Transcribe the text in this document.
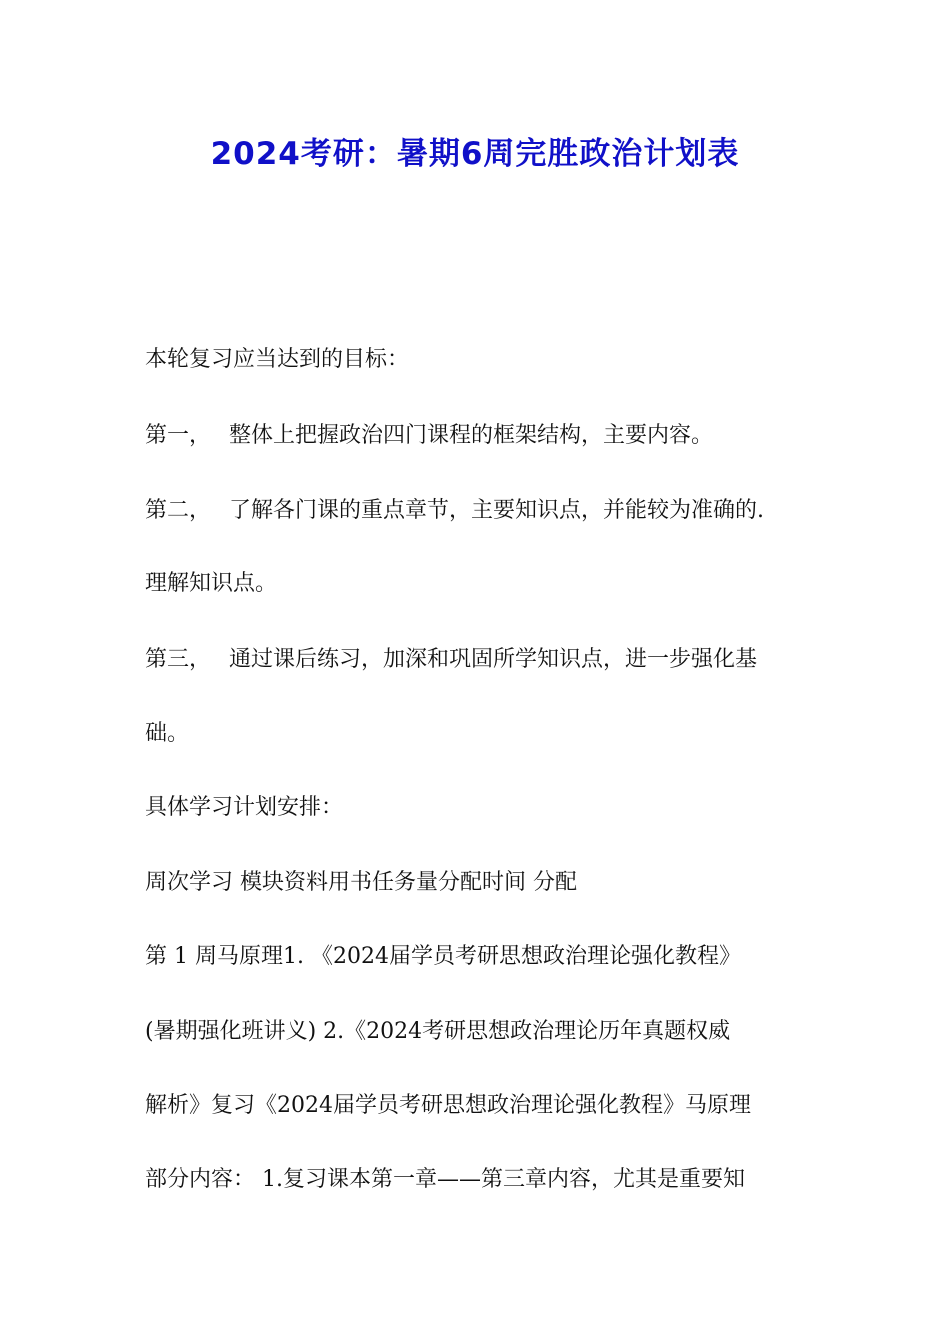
2024考研：暑期6周完胜政治计划表
本轮复习应当达到的目标：
第一， 整体上把握政治四门课程的框架结构，主要内容。
第二， 了解各门课的重点章节，主要知识点，并能较为准确的.
理解知识点。
第三， 通过课后练习，加深和巩固所学知识点，进一步强化基
础。
具体学习计划安排：
周次学习 模块资料用书任务量分配时间 分配
第 1 周马原理1. 《2024届学员考研思想政治理论强化教程》
(暑期强化班讲义) 2.《2024考研思想政治理论历年真题权威
解析》复习《2024届学员考研思想政治理论强化教程》马原理
部分内容： 1.复习课本第一章——第三章内容，尤其是重要知
